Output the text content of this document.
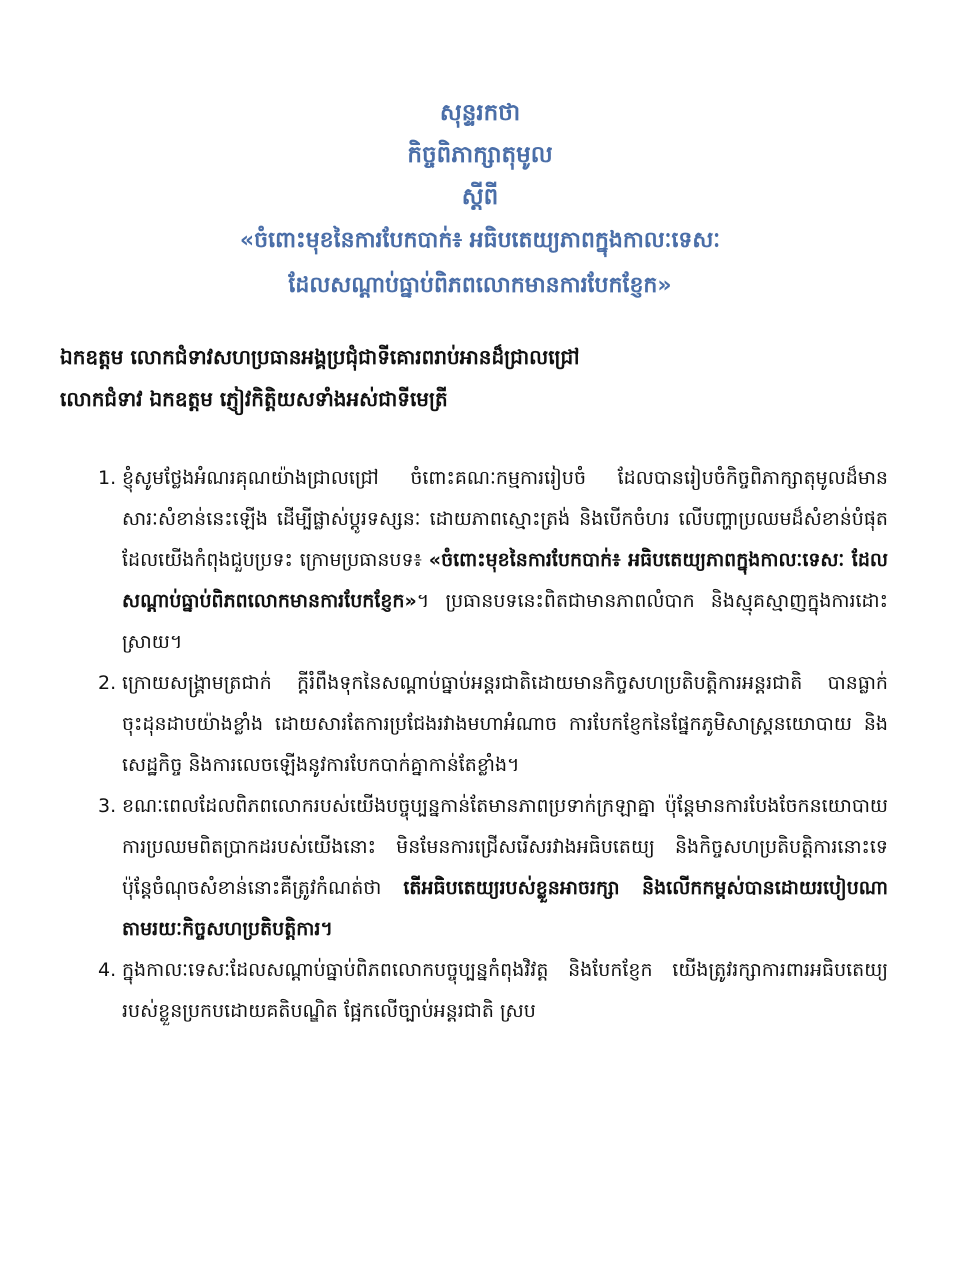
សុន្ទរកថា
កិច្ចពិភាក្សាតុមូល
ស្តីពី
«ចំពោះមុខនៃការបែកបាក់៖ អធិបតេយ្យភាពក្នុងកាលៈទេសៈ
ដែលសណ្តាប់ធ្នាប់ពិភពលោកមានការបែកខ្ញែក»
ឯកឧត្តម លោកជំទាវសហប្រធានអង្គប្រជុំជាទីគោរពរាប់អានដ៏ជ្រាលជ្រៅ
លោកជំទាវ ឯកឧត្តម ភ្ញៀវកិត្តិយសទាំងអស់ជាទីមេត្រី
1. ខ្ញុំសូមថ្លែងអំណរគុណយ៉ាងជ្រាលជ្រៅ ចំពោះគណៈកម្មការរៀបចំ ដែលបានរៀបចំកិច្ចពិភាក្សាតុមូលដ៏មានសារៈសំខាន់នេះឡើង ដើម្បីផ្លាស់ប្តូរទស្សនៈ ដោយភាពស្មោះត្រង់ និងបើកចំហរ លើបញ្ហាប្រឈមដ៏សំខាន់បំផុត ដែលយើងកំពុងជួបប្រទះ ក្រោមប្រធានបទ៖ «ចំពោះមុខនៃការបែកបាក់៖ អធិបតេយ្យភាពក្នុងកាលៈទេសៈ ដែលសណ្តាប់ធ្នាប់ពិភពលោកមានការបែកខ្ញែក»។ ប្រធានបទនេះពិតជាមានភាពលំបាក និងស្មុគស្មាញក្នុងការដោះស្រាយ។
2. ក្រោយសង្គ្រាមត្រជាក់ ក្តីរំពឹងទុកនៃសណ្តាប់ធ្នាប់អន្តរជាតិដោយមានកិច្ចសហប្រតិបត្តិការអន្តរជាតិ បានធ្លាក់ចុះដុនដាបយ៉ាងខ្លាំង ដោយសារតែការប្រជែងរវាងមហាអំណាច ការបែកខ្ញែកនៃផ្នែកភូមិសាស្ត្រនយោបាយ និងសេដ្ឋកិច្ច និងការលេចឡើងនូវការបែកបាក់គ្នាកាន់តែខ្លាំង។
3. ខណៈពេលដែលពិភពលោករបស់យើងបច្ចុប្បន្នកាន់តែមានភាពប្រទាក់ក្រឡាគ្នា ប៉ុន្តែមានការបែងចែកនយោបាយ ការប្រឈមពិតប្រាកដរបស់យើងនោះ មិនមែនការជ្រើសរើសរវាងអធិបតេយ្យ និងកិច្ចសហប្រតិបត្តិការនោះទេ ប៉ុន្តែចំណុចសំខាន់នោះគឺត្រូវកំណត់ថា តើអធិបតេយ្យរបស់ខ្លួនអាចរក្សា និងលើកកម្ពស់បានដោយរបៀបណា តាមរយៈកិច្ចសហប្រតិបត្តិការ។
4. ក្នុងកាលៈទេសៈដែលសណ្តាប់ធ្នាប់ពិភពលោកបច្ចុប្បន្នកំពុងវិវត្ត និងបែកខ្ញែក យើងត្រូវរក្សាការពារអធិបតេយ្យរបស់ខ្លួនប្រកបដោយគតិបណ្ឌិត ផ្អែកលើច្បាប់អន្តរជាតិ ស្រប
